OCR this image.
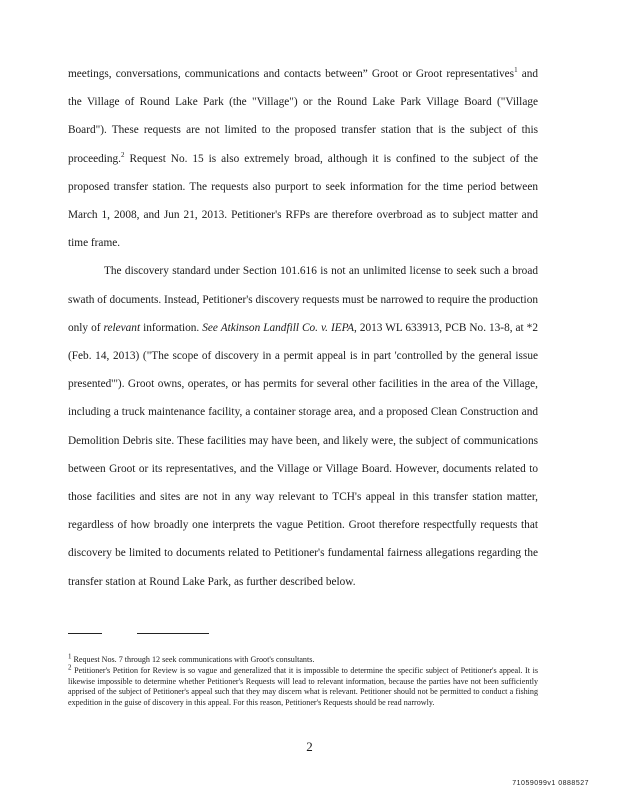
meetings, conversations, communications and contacts between” Groot or Groot representatives$^1$ and the Village of Round Lake Park (the "Village") or the Round Lake Park Village Board ("Village Board"). These requests are not limited to the proposed transfer station that is the subject of this proceeding.$^2$ Request No. 15 is also extremely broad, although it is confined to the subject of the proposed transfer station. The requests also purport to seek information for the time period between March 1, 2008, and Jun 21, 2013. Petitioner's RFPs are therefore overbroad as to subject matter and time frame.

The discovery standard under Section 101.616 is not an unlimited license to seek such a broad swath of documents. Instead, Petitioner's discovery requests must be narrowed to require the production only of relevant information. See Atkinson Landfill Co. v. IEPA, 2013 WL 633913, PCB No. 13-8, at *2 (Feb. 14, 2013) ("The scope of discovery in a permit appeal is in part 'controlled by the general issue presented'"). Groot owns, operates, or has permits for several other facilities in the area of the Village, including a truck maintenance facility, a container storage area, and a proposed Clean Construction and Demolition Debris site. These facilities may have been, and likely were, the subject of communications between Groot or its representatives, and the Village or Village Board. However, documents related to those facilities and sites are not in any way relevant to TCH's appeal in this transfer station matter, regardless of how broadly one interprets the vague Petition. Groot therefore respectfully requests that discovery be limited to documents related to Petitioner's fundamental fairness allegations regarding the transfer station at Round Lake Park, as further described below.

$^1$ Request Nos. 7 through 12 seek communications with Groot's consultants.

$^2$ Petitioner's Petition for Review is so vague and generalized that it is impossible to determine the specific subject of Petitioner's appeal. It is likewise impossible to determine whether Petitioner's Requests will lead to relevant information, because the parties have not been sufficiently apprised of the subject of Petitioner's appeal such that they may discern what is relevant. Petitioner should not be permitted to conduct a fishing expedition in the guise of discovery in this appeal. For this reason, Petitioner's Requests should be read narrowly.

2
71059099v1 0888527
